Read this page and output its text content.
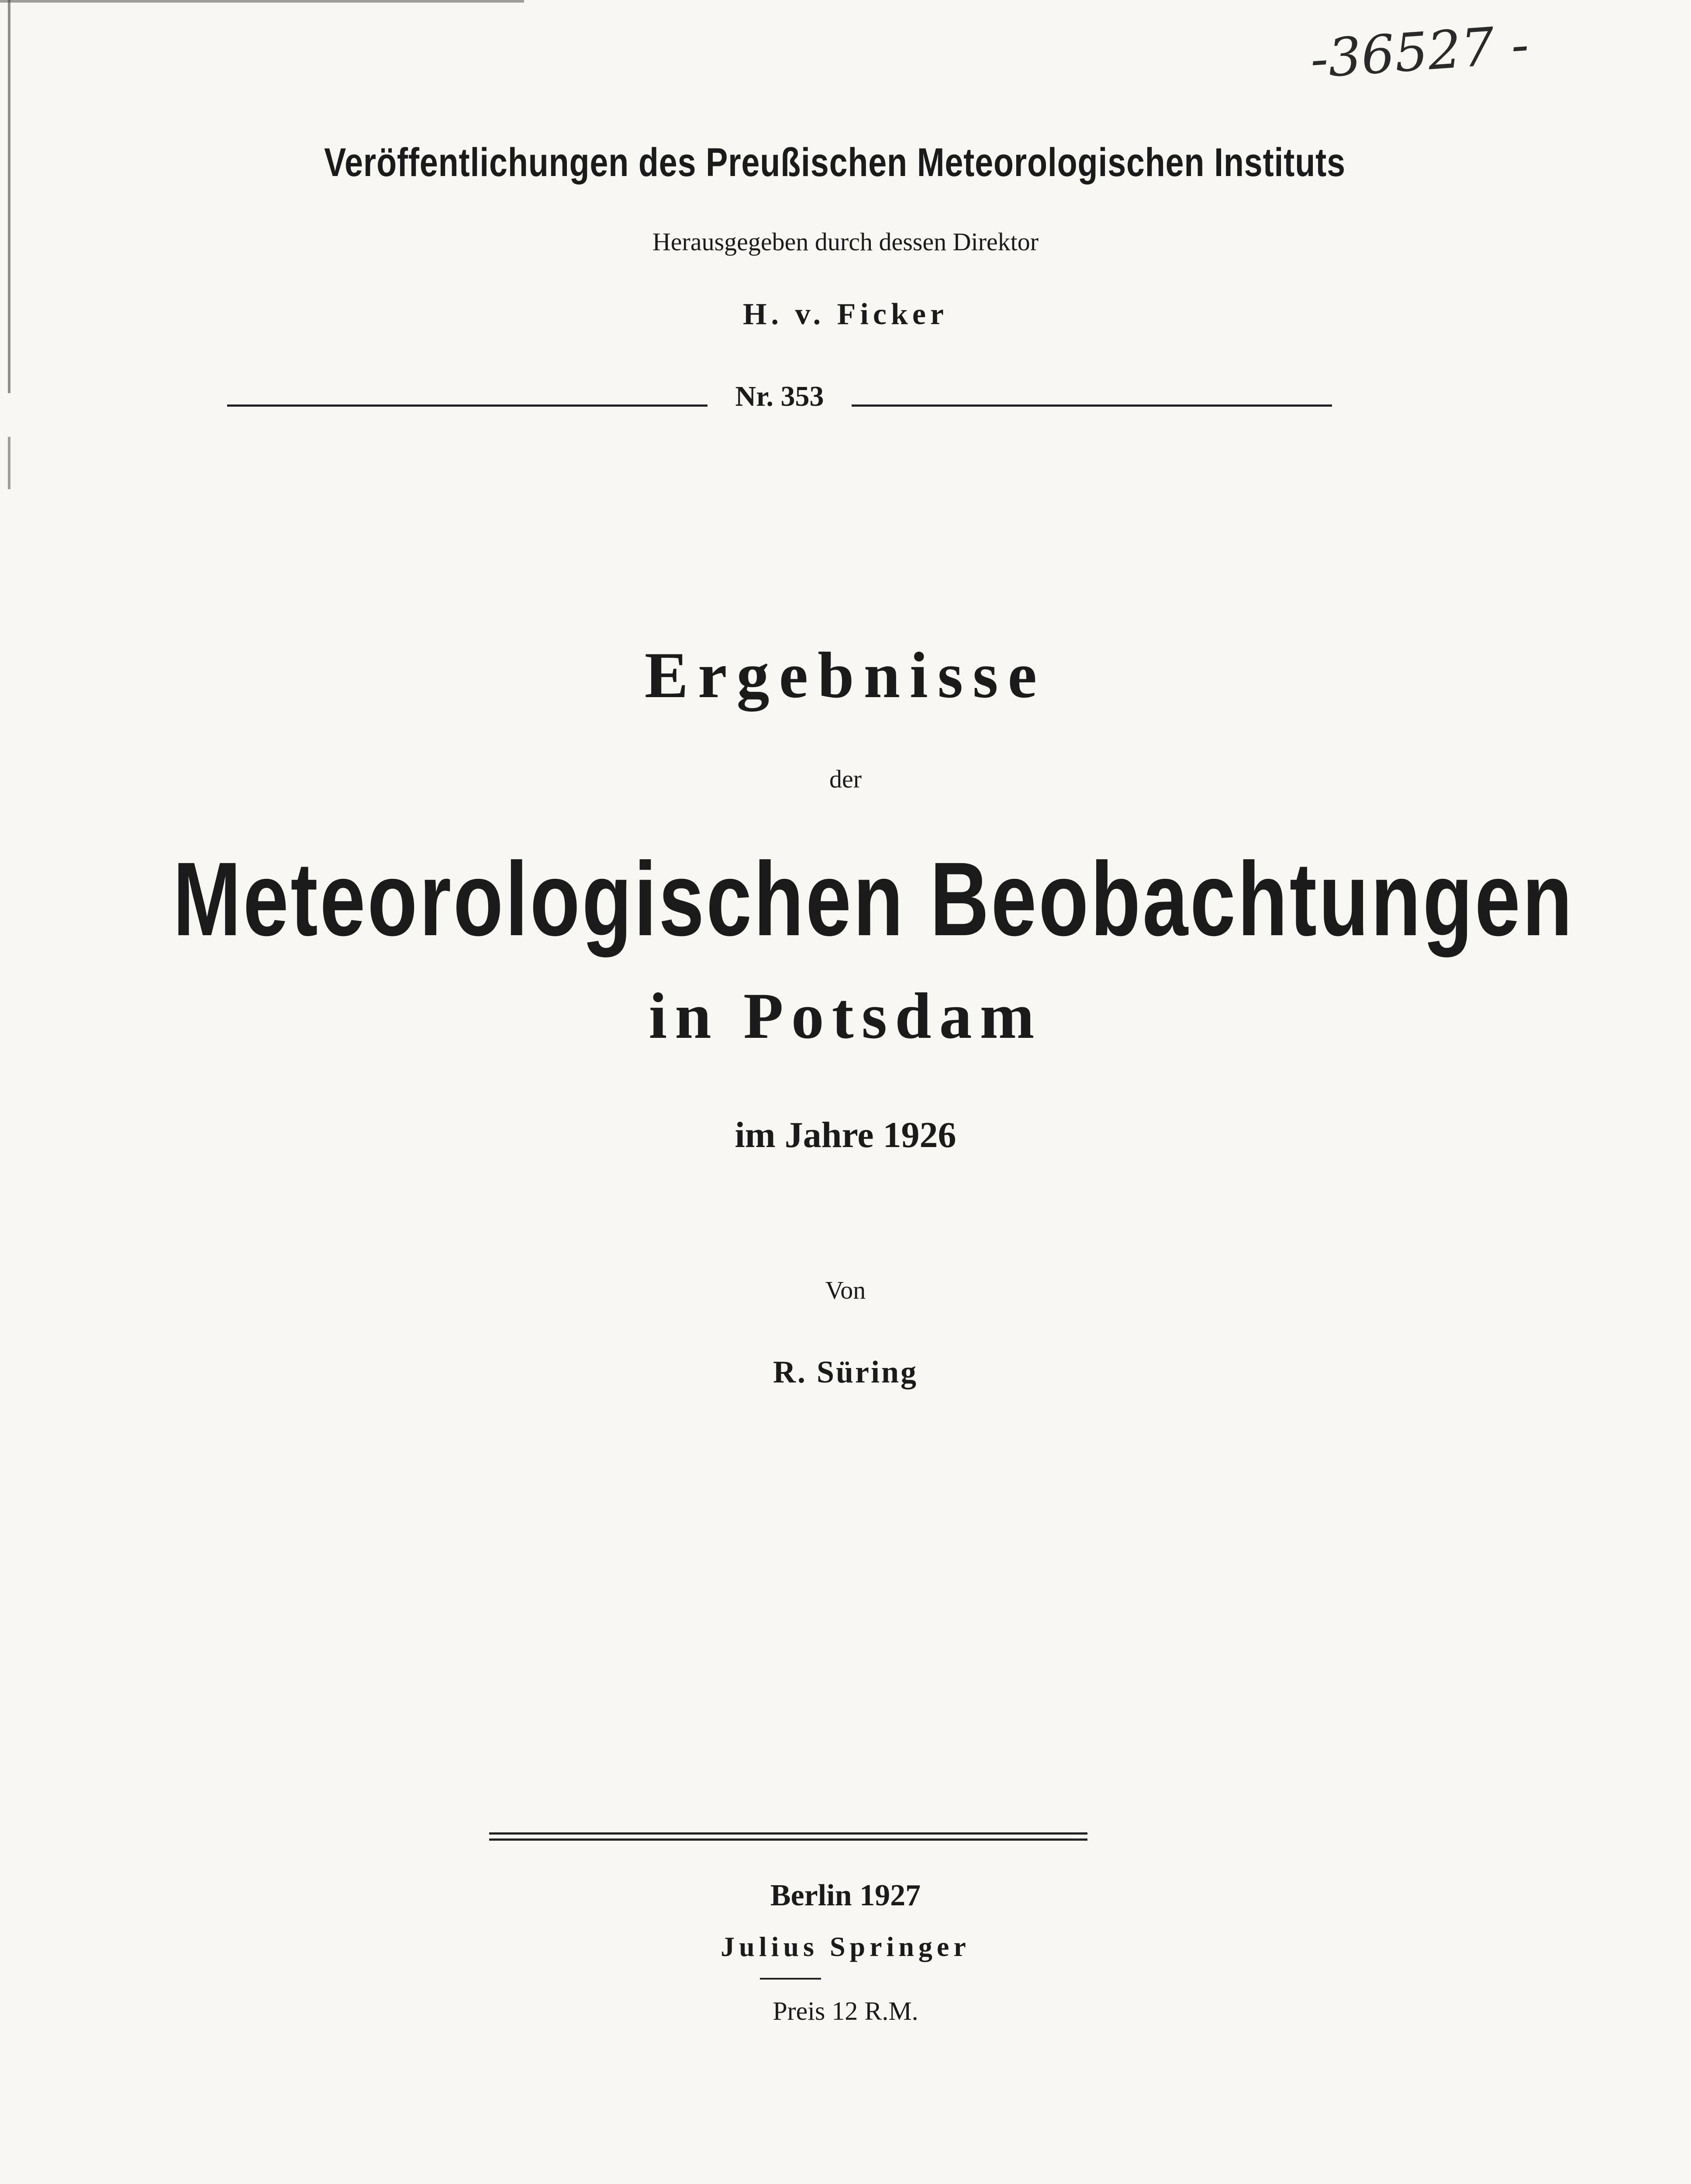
-36527 -
Veröffentlichungen des Preußischen Meteorologischen Instituts
Herausgegeben durch dessen Direktor
H. v. Ficker
Nr. 353
Ergebnisse
der
Meteorologischen Beobachtungen
in Potsdam
im Jahre 1926
Von
R. Süring
Berlin 1927
Julius Springer
Preis 12 R.M.
